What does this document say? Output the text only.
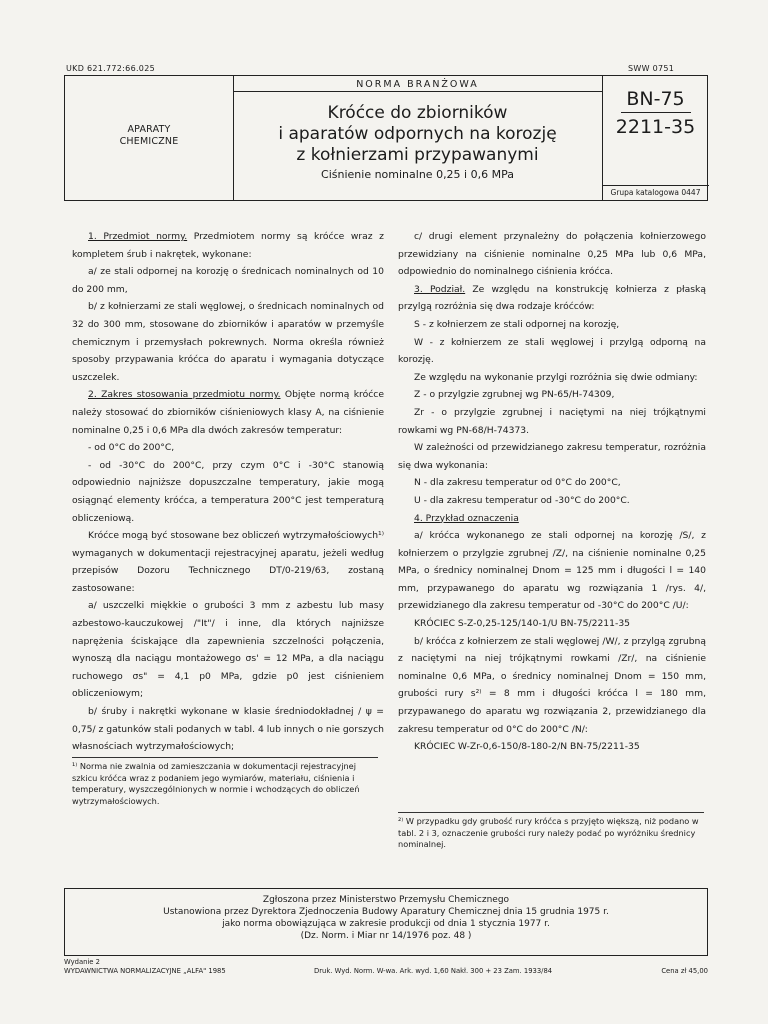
UKD 621.772:66.025	SWW 0751
APARATY
CHEMICZNE
NORMA BRANŻOWA
Króćce do zbiorników
i aparatów odpornych na korozję
z kołnierzami przypawanymi
Ciśnienie nominalne 0,25 i 0,6 MPa
BN-75
2211-35
Grupa katalogowa 0447

1. Przedmiot normy. Przedmiotem normy są króćce wraz z kompletem śrub i nakrętek, wykonane:

a/ ze stali odpornej na korozję o średnicach nominalnych od 10 do 200 mm,

b/ z kołnierzami ze stali węglowej, o średnicach nominalnych od 32 do 300 mm, stosowane do zbiorników i aparatów w przemyśle chemicznym i przemysłach pokrewnych. Norma określa również sposoby przypawania króćca do aparatu i wymagania dotyczące uszczelek.

2. Zakres stosowania przedmiotu normy. Objęte normą króćce należy stosować do zbiorników ciśnieniowych klasy A, na ciśnienie nominalne 0,25 i 0,6 MPa dla dwóch zakresów temperatur:

- od 0°C do 200°C,

- od -30°C do 200°C, przy czym 0°C i -30°C stanowią odpowiednio najniższe dopuszczalne temperatury, jakie mogą osiągnąć elementy króćca, a temperatura 200°C jest temperaturą obliczeniową.

Króćce mogą być stosowane bez obliczeń wytrzymałościowych¹⁾ wymaganych w dokumentacji rejestracyjnej aparatu, jeżeli według przepisów Dozoru Technicznego DT/0-219/63, zostaną zastosowane:

a/ uszczelki miękkie o grubości 3 mm z azbestu lub masy azbestowo-kauczukowej /"It"/ i inne, dla których najniższe naprężenia ściskające dla zapewnienia szczelności połączenia, wynoszą dla naciągu montażowego σs' = 12 MPa, a dla naciągu ruchowego σs" = 4,1 p0 MPa, gdzie p0 jest ciśnieniem obliczeniowym;

b/ śruby i nakrętki wykonane w klasie średniodokładnej / ψ = 0,75/ z gatunków stali podanych w tabl. 4 lub innych o nie gorszych własnościach wytrzymałościowych;

¹⁾ Norma nie zwalnia od zamieszczania w dokumentacji rejestracyjnej szkicu króćca wraz z podaniem jego wymiarów, materiału, ciśnienia i temperatury, wyszczególnionych w normie i wchodzących do obliczeń wytrzymałościowych.

c/ drugi element przynależny do połączenia kołnierzowego przewidziany na ciśnienie nominalne 0,25 MPa lub 0,6 MPa, odpowiednio do nominalnego ciśnienia króćca.

3. Podział. Ze względu na konstrukcję kołnierza z płaską przylgą rozróżnia się dwa rodzaje króćców:

S - z kołnierzem ze stali odpornej na korozję,

W - z kołnierzem ze stali węglowej i przylgą odporną na korozję.

Ze względu na wykonanie przylgi rozróżnia się dwie odmiany:

Z - o przylgzie zgrubnej wg PN-65/H-74309,

Zr - o przylgzie zgrubnej i naciętymi na niej trójkątnymi rowkami wg PN-68/H-74373.

W zależności od przewidzianego zakresu temperatur, rozróżnia się dwa wykonania:

N - dla zakresu temperatur od 0°C do 200°C,

U - dla zakresu temperatur od -30°C do 200°C.

4. Przykład oznaczenia

a/ króćca wykonanego ze stali odpornej na korozję /S/, z kołnierzem o przylgzie zgrubnej /Z/, na ciśnienie nominalne 0,25 MPa, o średnicy nominalnej Dnom = 125 mm i długości l = 140 mm, przypawanego do aparatu wg rozwiązania 1 /rys. 4/, przewidzianego dla zakresu temperatur od -30°C do 200°C /U/:

KRÓCIEC S-Z-0,25-125/140-1/U BN-75/2211-35

b/ króćca z kołnierzem ze stali węglowej /W/, z przylgą zgrubną z naciętymi na niej trójkątnymi rowkami /Zr/, na ciśnienie nominalne 0,6 MPa, o średnicy nominalnej Dnom = 150 mm, grubości rury s²⁾ = 8 mm i długości króćca l = 180 mm, przypawanego do aparatu wg rozwiązania 2, przewidzianego dla zakresu temperatur od 0°C do 200°C /N/:

KRÓCIEC W-Zr-0,6-150/8-180-2/N BN-75/2211-35

²⁾ W przypadku gdy grubość rury króćca s przyjęto większą, niż podano w tabl. 2 i 3, oznaczenie grubości rury należy podać po wyróżniku średnicy nominalnej.

Zgłoszona przez Ministerstwo Przemysłu Chemicznego

Ustanowiona przez Dyrektora Zjednoczenia Budowy Aparatury Chemicznej dnia 15 grudnia 1975 r.

jako norma obowiązująca w zakresie produkcji od dnia 1 stycznia 1977 r.

(Dz. Norm. i Miar nr 14/1976 poz. 48 )

Wydanie 2
WYDAWNICTWA NORMALIZACYJNE „ALFA" 1985	Druk. Wyd. Norm. W-wa. Ark. wyd. 1,60 Nakł. 300 + 23 Zam. 1933/84	Cena zł 45,00
